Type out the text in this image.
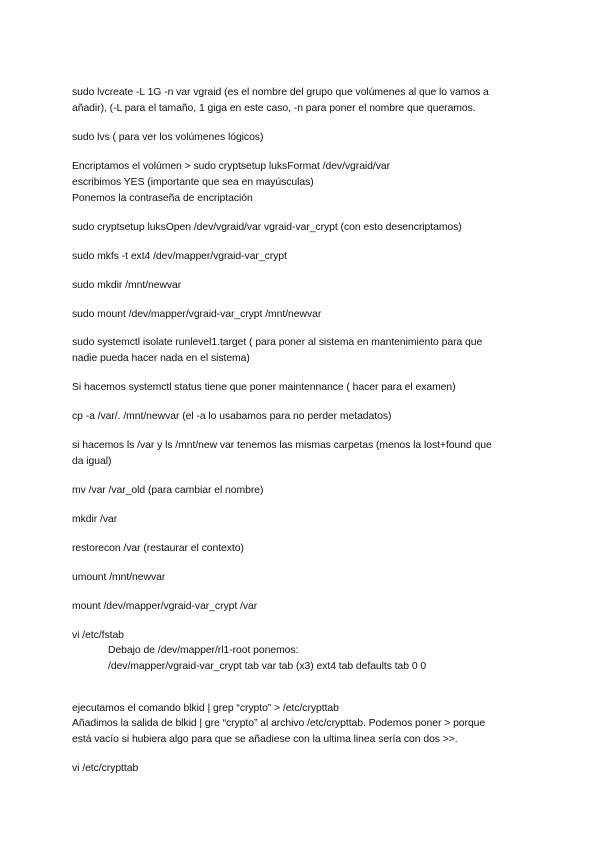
sudo lvcreate -L 1G -n var vgraid (es el nombre del grupo que volúmenes al que lo vamos a
añadir), (-L para el tamaño, 1 giga en este caso, -n para poner el nombre que queramos.
sudo lvs ( para ver los volúmenes lógicos)
Encriptamos el volúmen > sudo cryptsetup luksFormat /dev/vgraid/var
escribimos YES (importante que sea en mayúsculas)
Ponemos la contraseña de encriptación
sudo cryptsetup luksOpen /dev/vgraid/var vgraid-var_crypt (con esto desencriptamos)
sudo mkfs -t ext4 /dev/mapper/vgraid-var_crypt
sudo mkdir /mnt/newvar
sudo mount /dev/mapper/vgraid-var_crypt /mnt/newvar
sudo systemctl isolate runlevel1.target ( para poner al sistema en mantenimiento para que
nadie pueda hacer nada en el sistema)
Si hacemos systemctl status tiene que poner maintennance ( hacer para el examen)
cp -a /var/. /mnt/newvar (el -a lo usabamos para no perder metadatos)
si hacemos ls /var y ls /mnt/new var tenemos las mismas carpetas (menos la lost+found que
da igual)
mv /var /var_old (para cambiar el nombre)
mkdir /var
restorecon /var (restaurar el contexto)
umount /mnt/newvar
mount /dev/mapper/vgraid-var_crypt /var
vi /etc/fstab
Debajo de /dev/mapper/rl1-root ponemos:
/dev/mapper/vgraid-var_crypt tab var tab (x3) ext4 tab defaults tab 0 0
ejecutamos el comando blkid | grep “crypto” > /etc/crypttab
Añadimos la salida de blkid | gre “crypto” al archivo /etc/crypttab. Podemos poner > porque
está vacío si hubiera algo para que se añadiese con la ultima linea sería con dos >>.
vi /etc/crypttab
